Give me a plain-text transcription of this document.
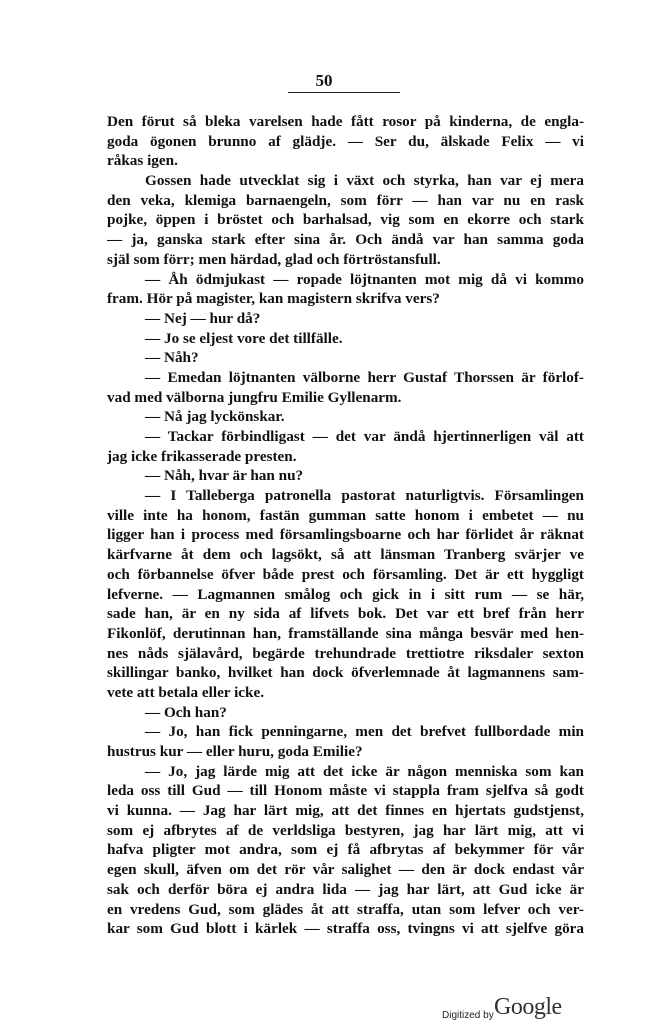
50
Den förut så bleka varelsen hade fått rosor på kinderna, de engla-
goda ögonen brunno af glädje. — Ser du, älskade Felix — vi
råkas igen.
Gossen hade utvecklat sig i växt och styrka, han var ej mera
den veka, klemiga barnaengeln, som förr — han var nu en rask
pojke, öppen i bröstet och barhalsad, vig som en ekorre och stark
— ja, ganska stark efter sina år. Och ändå var han samma goda
själ som förr; men härdad, glad och förtröstansfull.
— Åh ödmjukast — ropade löjtnanten mot mig då vi kommo
fram. Hör på magister, kan magistern skrifva vers?
— Nej — hur då?
— Jo se eljest vore det tillfälle.
— Nåh?
— Emedan löjtnanten välborne herr Gustaf Thorssen är förlof-
vad med välborna jungfru Emilie Gyllenarm.
— Nå jag lyckönskar.
— Tackar förbindligast — det var ändå hjertinnerligen väl att
jag icke frikasserade presten.
— Nåh, hvar är han nu?
— I Talleberga patronella pastorat naturligtvis. Församlingen
ville inte ha honom, fastän gumman satte honom i embetet — nu
ligger han i process med församlingsboarne och har förlidet år räknat
kärfvarne åt dem och lagsökt, så att länsman Tranberg svärjer ve
och förbannelse öfver både prest och församling. Det är ett hyggligt
lefverne. — Lagmannen smålog och gick in i sitt rum — se här,
sade han, är en ny sida af lifvets bok. Det var ett bref från herr
Fikonlöf, derutinnan han, framställande sina många besvär med hen-
nes nåds själavård, begärde trehundrade trettiotre riksdaler sexton
skillingar banko, hvilket han dock öfverlemnade åt lagmannens sam-
vete att betala eller icke.
— Och han?
— Jo, han fick penningarne, men det brefvet fullbordade min
hustrus kur — eller huru, goda Emilie?
— Jo, jag lärde mig att det icke är någon menniska som kan
leda oss till Gud — till Honom måste vi stappla fram sjelfva så godt
vi kunna. — Jag har lärt mig, att det finnes en hjertats gudstjenst,
som ej afbrytes af de verldsliga bestyren, jag har lärt mig, att vi
hafva pligter mot andra, som ej få afbrytas af bekymmer för vår
egen skull, äfven om det rör vår salighet — den är dock endast vår
sak och derför böra ej andra lida — jag har lärt, att Gud icke är
en vredens Gud, som glädes åt att straffa, utan som lefver och ver-
kar som Gud blott i kärlek — straffa oss, tvingns vi att sjelfve göra
Digitized by Google
